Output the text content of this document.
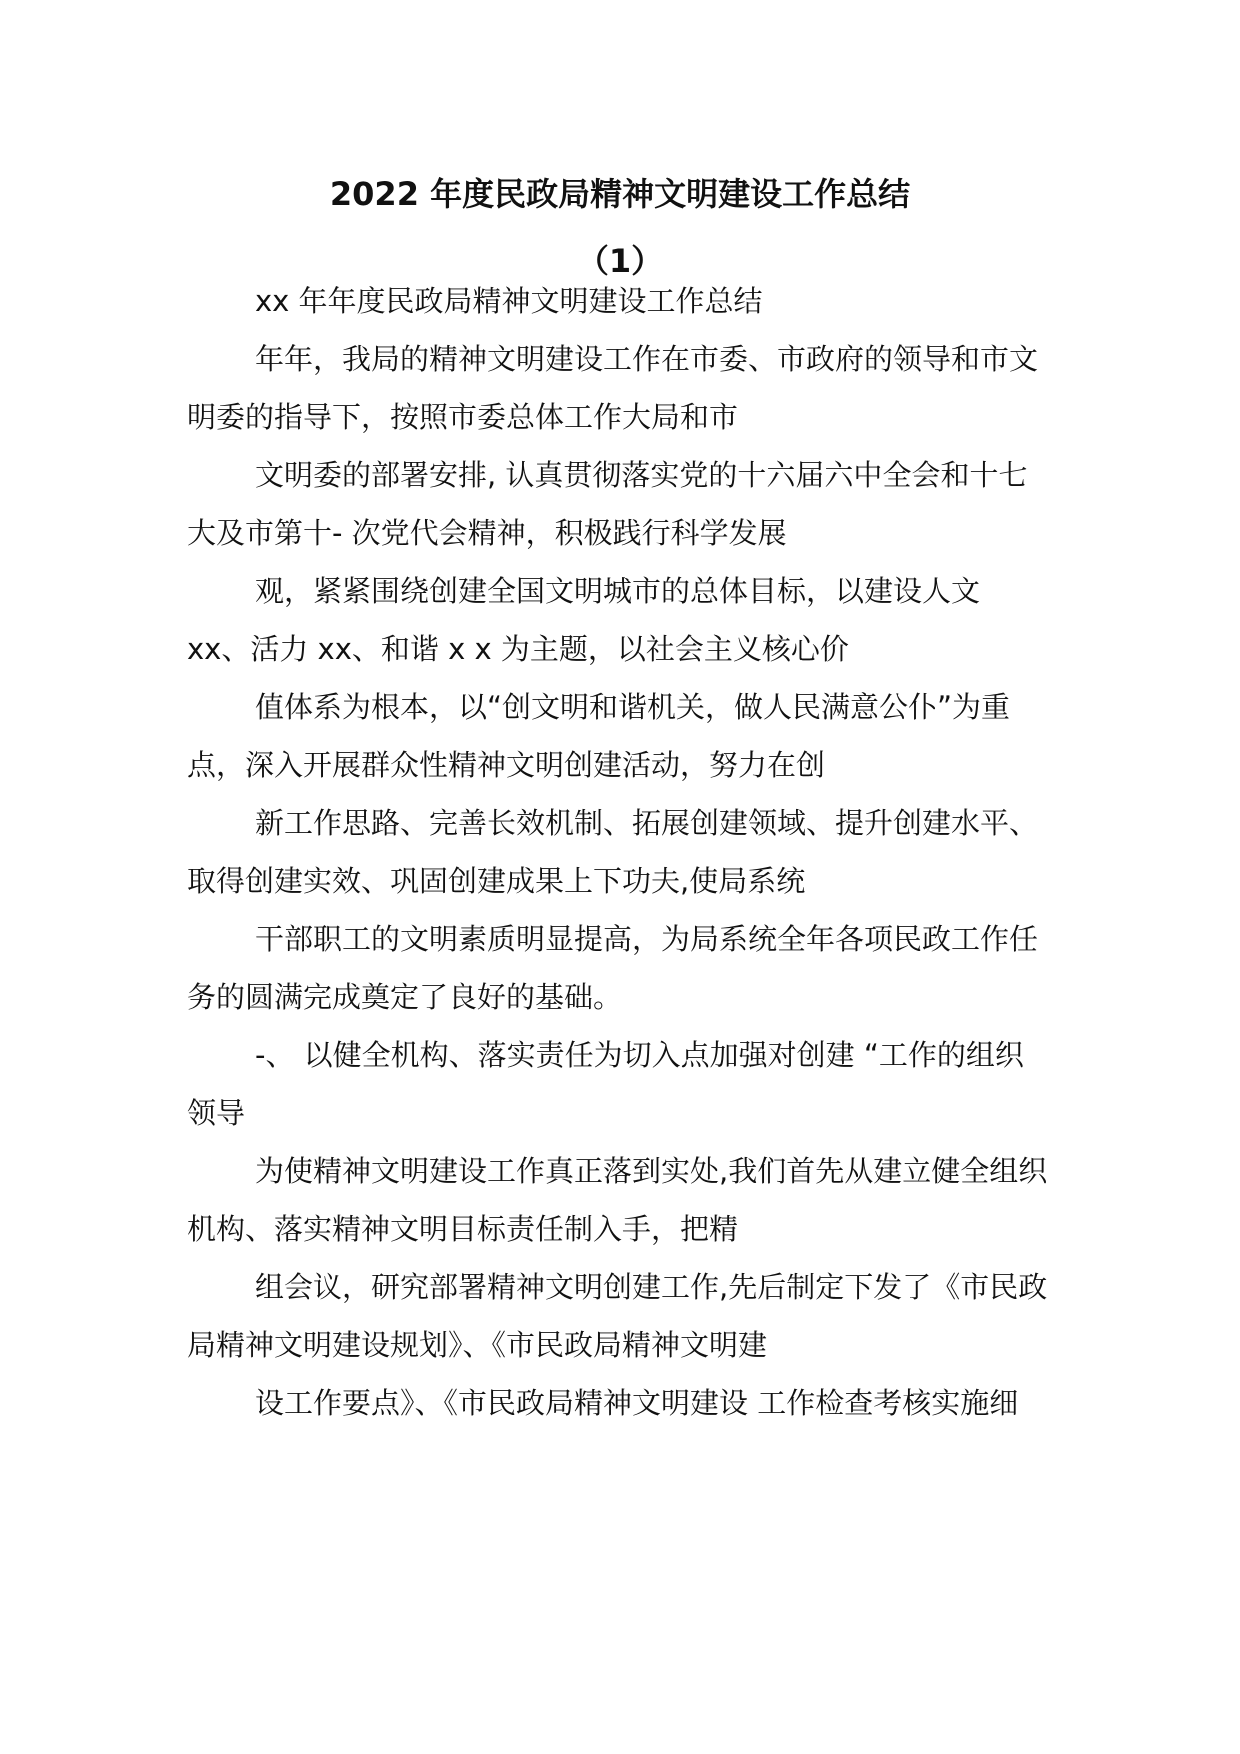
2022 年度民政局精神文明建设工作总结
（1）

xx 年年度民政局精神文明建设工作总结

年年，我局的精神文明建设工作在市委、市政府的领导和市文

明委的指导下，按照市委总体工作大局和市

文明委的部署安排, 认真贯彻落实党的十六届六中全会和十七

大及市第十- 次党代会精神，积极践行科学发展

观，紧紧围绕创建全国文明城市的总体目标，以建设人文

xx、活力 xx、和谐 x x 为主题，以社会主义核心价

值体系为根本，以“创文明和谐机关，做人民满意公仆”为重

点，深入开展群众性精神文明创建活动，努力在创

新工作思路、完善长效机制、拓展创建领域、提升创建水平、

取得创建实效、巩固创建成果上下功夫,使局系统

干部职工的文明素质明显提高，为局系统全年各项民政工作任

务的圆满完成奠定了良好的基础。

-、 以健全机构、落实责任为切入点加强对创建 “工作的组织

领导

为使精神文明建设工作真正落到实处,我们首先从建立健全组织

机构、落实精神文明目标责任制入手，把精

组会议，研究部署精神文明创建工作,先后制定下发了《市民政

局精神文明建设规划》、《市民政局精神文明建

设工作要点》、《市民政局精神文明建设 工作检查考核实施细
